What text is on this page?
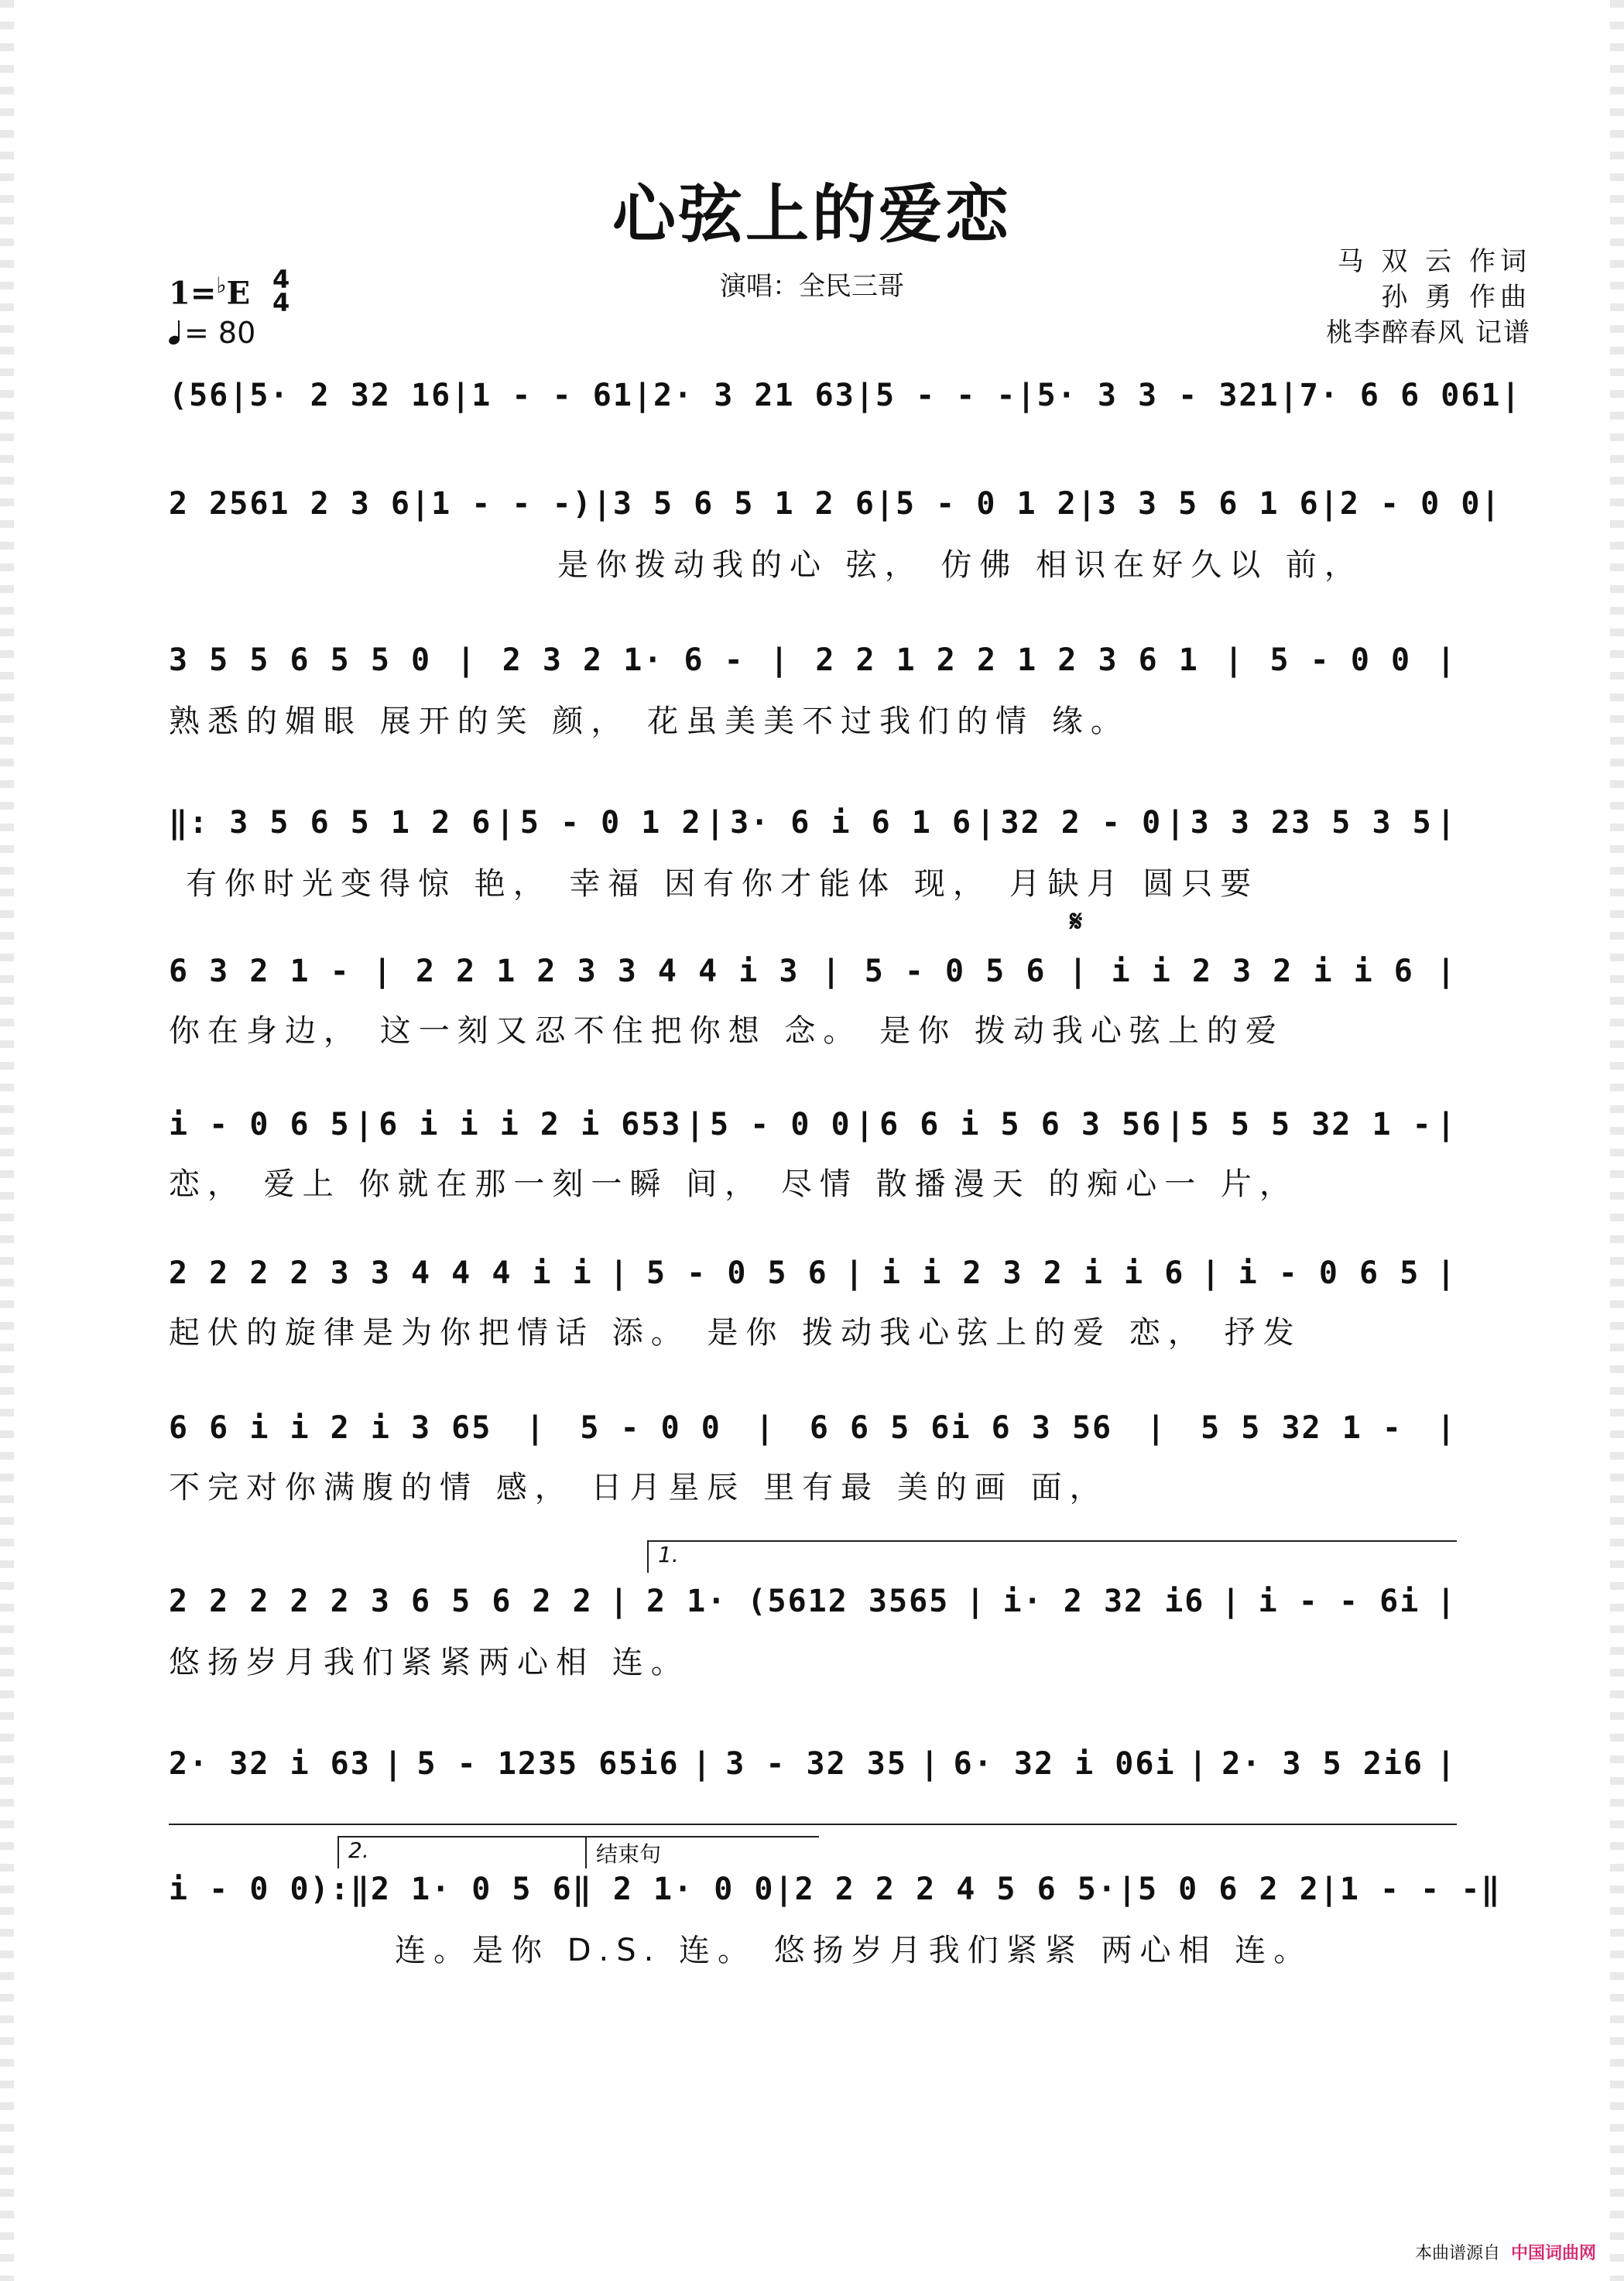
心弦上的爱恋
演唱：全民三哥
马 双 云 作词
孙 勇 作曲
桃李醉春风 记谱
1=♭E 4
4
= 80
(56 | 5· 2 32 16 | 1 - - 61 | 2· 3 21 63 | 5 - - - | 5· 3 3 - 321 | 7· 6 6 061 |
2 2561 2 3 6 | 1 - - -) | 3 5 6 5 1 2 6 | 5 - 0 1 2 | 3 3 5 6 1 6 | 2 - 0 0 |
是你拨动我的心 弦， 仿佛 相识在好久以 前，
3 5 5 6 5 5 0 | 2 3 2 1· 6 - | 2 2 1 2 2 1 2 3 6 1 | 5 - 0 0 |
熟悉的媚眼 展开的笑 颜， 花虽美美不过我们的情 缘。
‖: 3 5 6 5 1 2 6 | 5 - 0 1 2 | 3· 6 i 6 1 6 | 32 2 - 0 | 3 3 23 5 3 5 |
有你时光变得惊 艳， 幸福 因有你才能体 现， 月缺月 圆只要
𝄋
6 3 2 1 - | 2 2 1 2 3 3 4 4 i 3 | 5 - 0 5 6 | i i 2 3 2 i i 6 |
你在身边， 这一刻又忍不住把你想 念。 是你 拨动我心弦上的爱
i - 0 6 5 | 6 i i i 2 i 653 | 5 - 0 0 | 6 6 i 5 6 3 56 | 5 5 5 32 1 - |
恋， 爱上 你就在那一刻一瞬 间， 尽情 散播漫天 的痴心一 片，
2 2 2 2 3 3 4 4 4 i i | 5 - 0 5 6 | i i 2 3 2 i i 6 | i - 0 6 5 |
起伏的旋律是为你把情话 添。 是你 拨动我心弦上的爱 恋， 抒发
6 6 i i 2 i 3 65 | 5 - 0 0 | 6 6 5 6i 6 3 56 | 5 5 32 1 - |
不完对你满腹的情 感， 日月星辰 里有最 美的画 面，
1.
2 2 2 2 2 3 6 5 6 2 2 | 2 1· (5612 3565 | i· 2 32 i6 | i - - 6i |
悠扬岁月我们紧紧两心相 连。
2· 32 i 63 | 5 - 1235 65i6 | 3 - 32 35 | 6· 32 i 06i | 2· 3 5 2i6 |
2.	结束句
i - 0 0):‖ 2 1· 0 5 6 ‖ 2 1· 0 0 | 2 2 2 2 4 5 6 5· | 5 0 6 2 2 | 1 - - -‖
连。是你 D.S. 连。 悠扬岁月我们紧紧 两心相 连。
本曲谱源自 中国词曲网
